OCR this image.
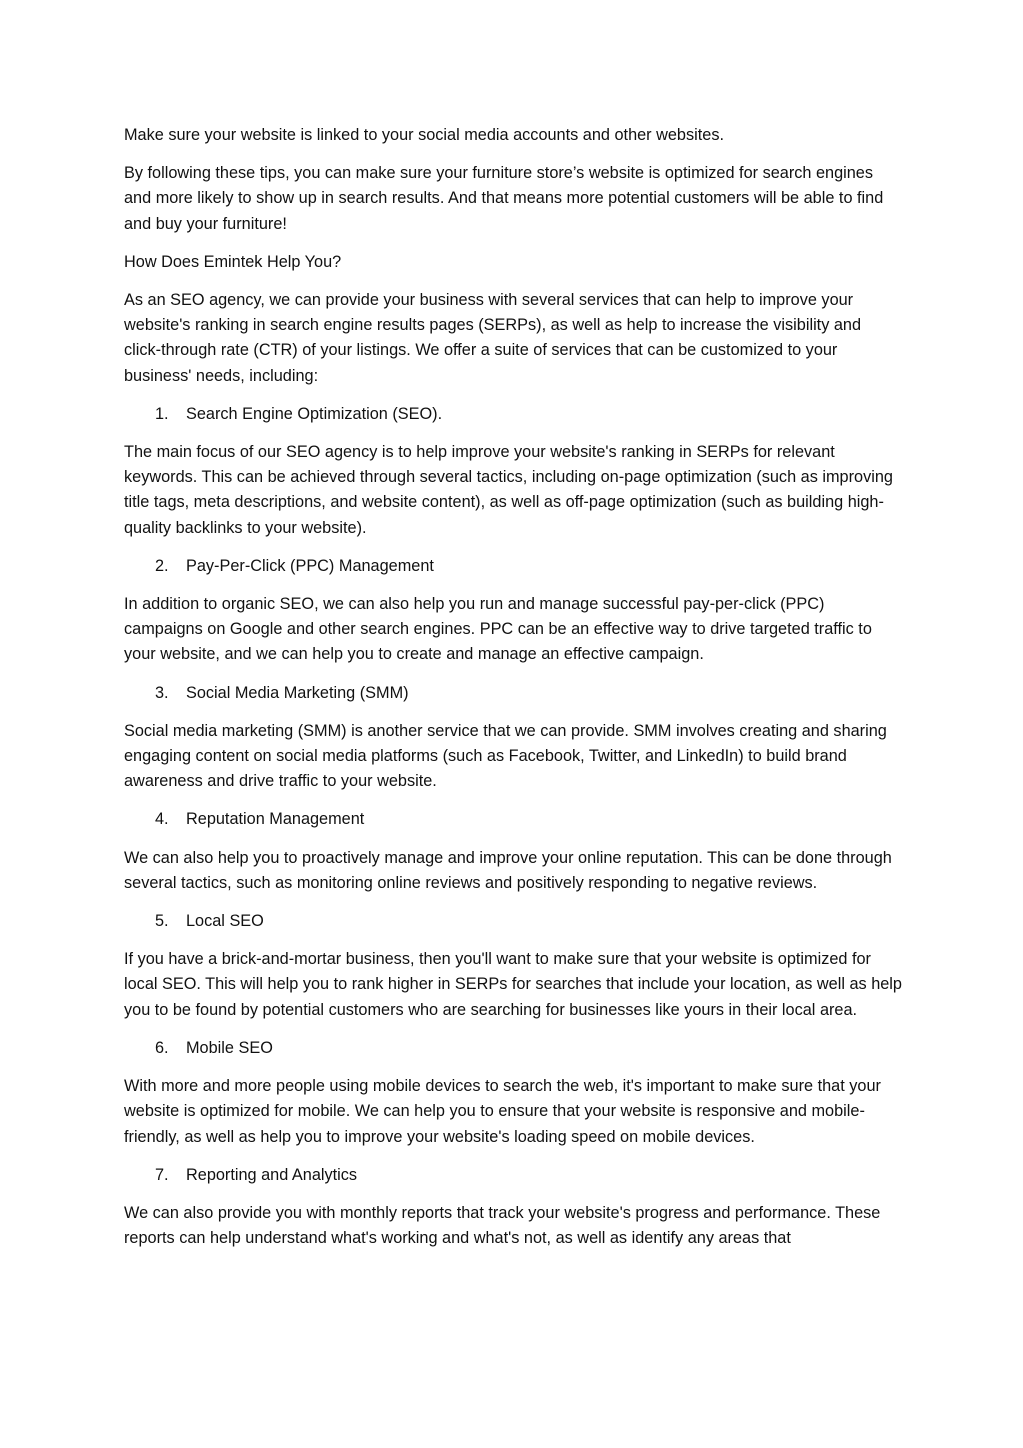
Make sure your website is linked to your social media accounts and other websites.

By following these tips, you can make sure your furniture store’s website is optimized for search engines and more likely to show up in search results. And that means more potential customers will be able to find and buy your furniture!

How Does Emintek Help You?

As an SEO agency, we can provide your business with several services that can help to improve your website's ranking in search engine results pages (SERPs), as well as help to increase the visibility and click-through rate (CTR) of your listings. We offer a suite of services that can be customized to your business' needs, including:

1.	Search Engine Optimization (SEO).

The main focus of our SEO agency is to help improve your website's ranking in SERPs for relevant keywords. This can be achieved through several tactics, including on-page optimization (such as improving title tags, meta descriptions, and website content), as well as off-page optimization (such as building high-quality backlinks to your website).

2.	Pay-Per-Click (PPC) Management

In addition to organic SEO, we can also help you run and manage successful pay-per-click (PPC) campaigns on Google and other search engines. PPC can be an effective way to drive targeted traffic to your website, and we can help you to create and manage an effective campaign.

3.	Social Media Marketing (SMM)

Social media marketing (SMM) is another service that we can provide. SMM involves creating and sharing engaging content on social media platforms (such as Facebook, Twitter, and LinkedIn) to build brand awareness and drive traffic to your website.

4.	Reputation Management

We can also help you to proactively manage and improve your online reputation. This can be done through several tactics, such as monitoring online reviews and positively responding to negative reviews.

5.	Local SEO

If you have a brick-and-mortar business, then you'll want to make sure that your website is optimized for local SEO. This will help you to rank higher in SERPs for searches that include your location, as well as help you to be found by potential customers who are searching for businesses like yours in their local area.

6.	Mobile SEO

With more and more people using mobile devices to search the web, it's important to make sure that your website is optimized for mobile. We can help you to ensure that your website is responsive and mobile-friendly, as well as help you to improve your website's loading speed on mobile devices.

7.	Reporting and Analytics

We can also provide you with monthly reports that track your website's progress and performance. These reports can help understand what's working and what's not, as well as identify any areas that
